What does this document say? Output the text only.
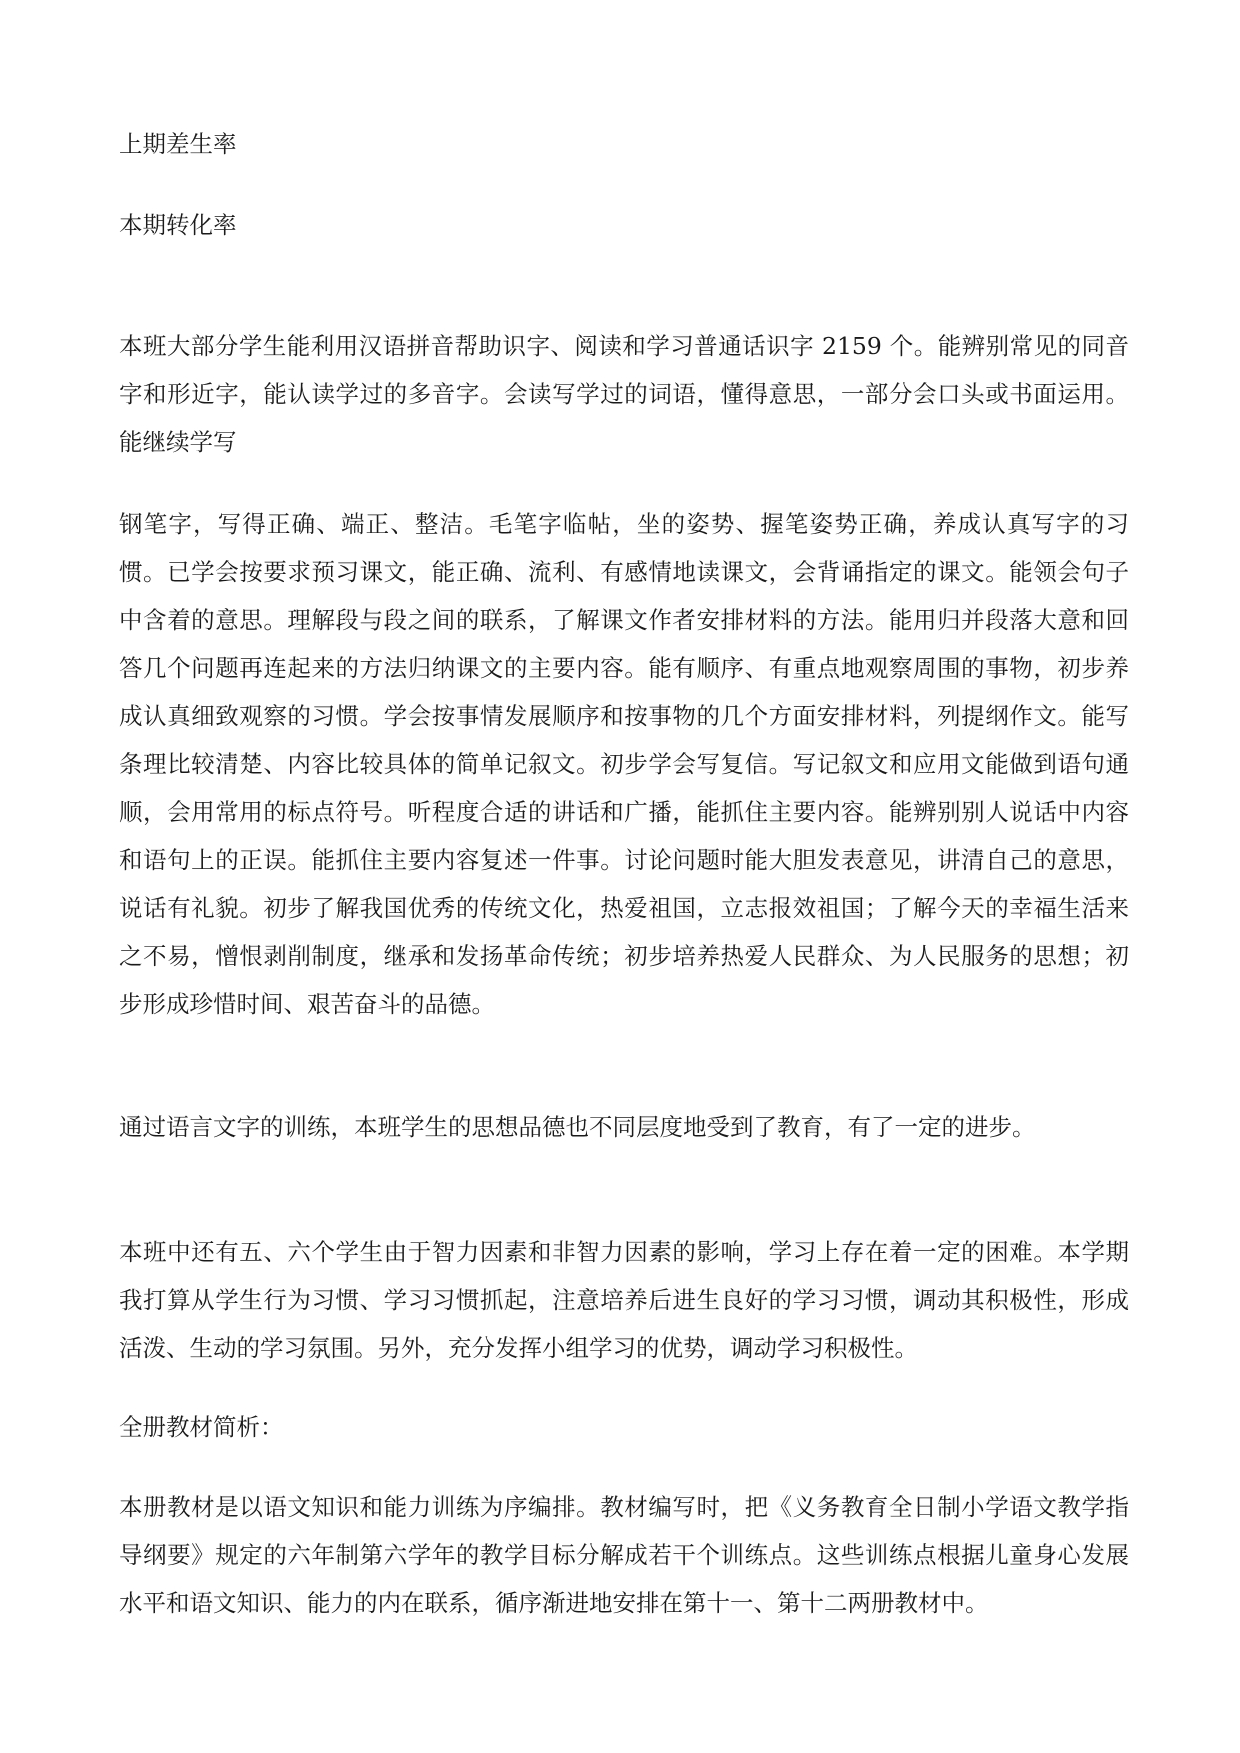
上期差生率

本期转化率

本班大部分学生能利用汉语拼音帮助识字、阅读和学习普通话识字 2159 个。能辨别常见的同音字和形近字，能认读学过的多音字。会读写学过的词语，懂得意思，一部分会口头或书面运用。能继续学写

钢笔字，写得正确、端正、整洁。毛笔字临帖，坐的姿势、握笔姿势正确，养成认真写字的习惯。已学会按要求预习课文，能正确、流利、有感情地读课文，会背诵指定的课文。能领会句子中含着的意思。理解段与段之间的联系，了解课文作者安排材料的方法。能用归并段落大意和回答几个问题再连起来的方法归纳课文的主要内容。能有顺序、有重点地观察周围的事物，初步养成认真细致观察的习惯。学会按事情发展顺序和按事物的几个方面安排材料，列提纲作文。能写条理比较清楚、内容比较具体的简单记叙文。初步学会写复信。写记叙文和应用文能做到语句通顺，会用常用的标点符号。听程度合适的讲话和广播，能抓住主要内容。能辨别别人说话中内容和语句上的正误。能抓住主要内容复述一件事。讨论问题时能大胆发表意见，讲清自己的意思，说话有礼貌。初步了解我国优秀的传统文化，热爱祖国，立志报效祖国；了解今天的幸福生活来之不易，憎恨剥削制度，继承和发扬革命传统；初步培养热爱人民群众、为人民服务的思想；初步形成珍惜时间、艰苦奋斗的品德。

通过语言文字的训练，本班学生的思想品德也不同层度地受到了教育，有了一定的进步。

本班中还有五、六个学生由于智力因素和非智力因素的影响，学习上存在着一定的困难。本学期我打算从学生行为习惯、学习习惯抓起，注意培养后进生良好的学习习惯，调动其积极性，形成活泼、生动的学习氛围。另外，充分发挥小组学习的优势，调动学习积极性。

全册教材简析：

本册教材是以语文知识和能力训练为序编排。教材编写时，把《义务教育全日制小学语文教学指导纲要》规定的六年制第六学年的教学目标分解成若干个训练点。这些训练点根据儿童身心发展水平和语文知识、能力的内在联系，循序渐进地安排在第十一、第十二两册教材中。
